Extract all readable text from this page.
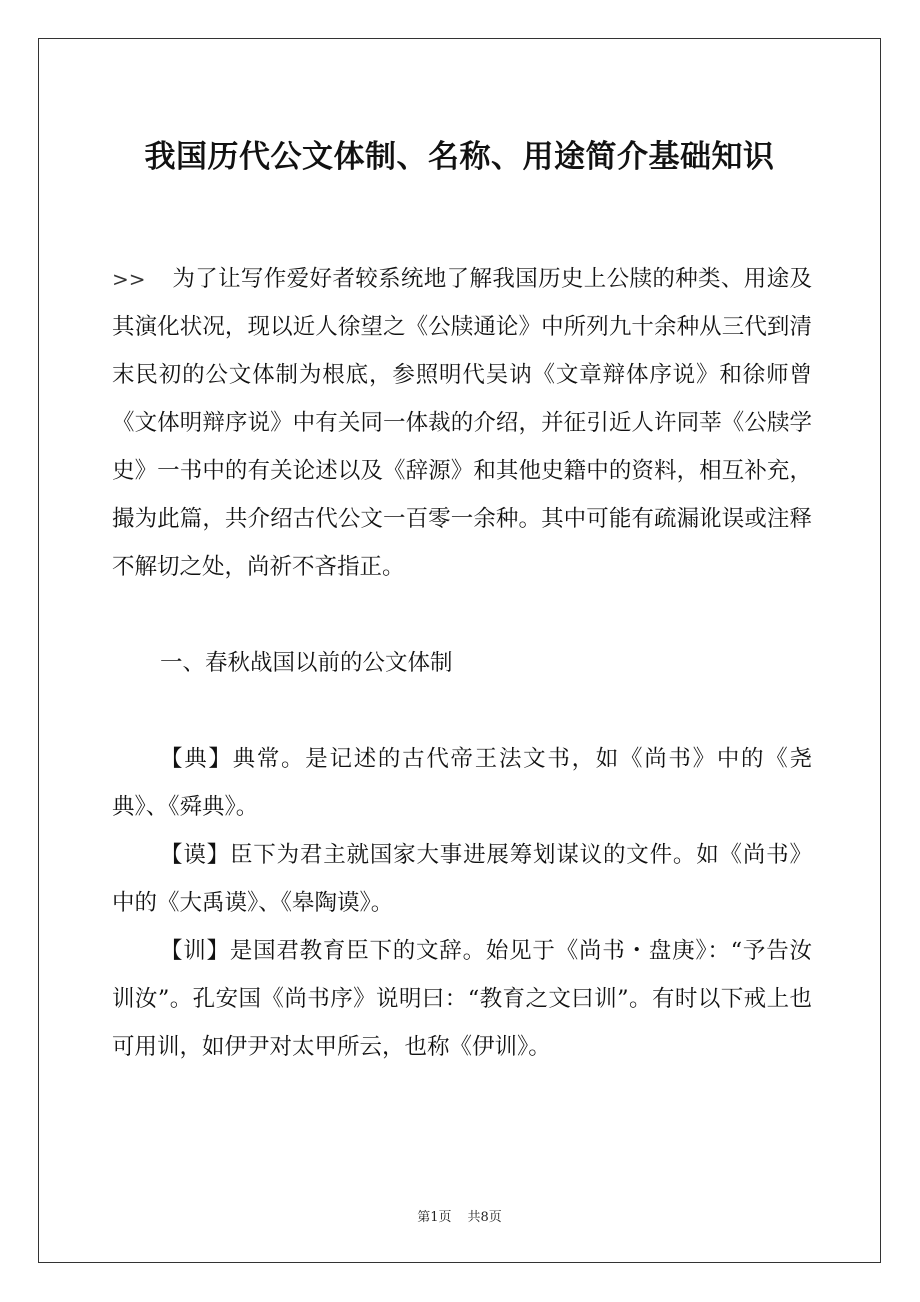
我国历代公文体制、名称、用途简介基础知识

>> 为了让写作爱好者较系统地了解我国历史上公牍的种类、用途及其演化状况，现以近人徐望之《公牍通论》中所列九十余种从三代到清末民初的公文体制为根底，参照明代吴讷《文章辩体序说》和徐师曾《文体明辩序说》中有关同一体裁的介绍，并征引近人许同莘《公牍学史》一书中的有关论述以及《辞源》和其他史籍中的资料，相互补充，撮为此篇，共介绍古代公文一百零一余种。其中可能有疏漏讹误或注释不解切之处，尚祈不吝指正。

一、春秋战国以前的公文体制

【典】典常。是记述的古代帝王法文书，如《尚书》中的《尧典》、《舜典》。

【谟】臣下为君主就国家大事进展筹划谋议的文件。如《尚书》中的《大禹谟》、《皋陶谟》。

【训】是国君教育臣下的文辞。始见于《尚书・盘庚》：“予告汝训汝”。孔安国《尚书序》说明曰：“教育之文曰训”。有时以下戒上也可用训，如伊尹对太甲所云，也称《伊训》。

第1页 共8页
